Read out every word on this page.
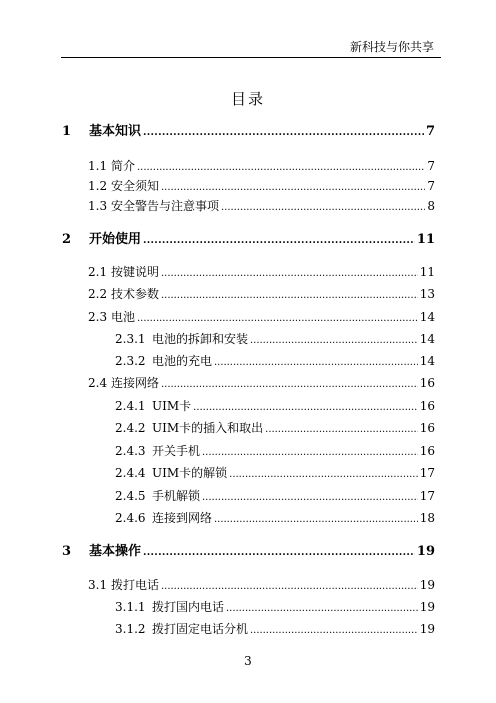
新科技与你共享
目录
1	基本知识 . . .	7
1.1 简介 . . .	7
1.2 安全须知 . . .	7
1.3 安全警告与注意事项 . . .	8
2	开始使用 . . .	11
2.1 按键说明 . . .	11
2.2 技术参数 . . .	13
2.3 电池 . . .	14
2.3.1 电池的拆卸和安装 . . .	14
2.3.2 电池的充电 . . .	14
2.4 连接网络 . . .	16
2.4.1 UIM卡 . . .	16
2.4.2 UIM卡的插入和取出 . . .	16
2.4.3 开关手机 . . .	16
2.4.4 UIM卡的解锁 . . .	17
2.4.5 手机解锁 . . .	17
2.4.6 连接到网络 . . .	18
3	基本操作 . . .	19
3.1 拨打电话 . . .	19
3.1.1 拨打国内电话 . . .	19
3.1.2 拨打固定电话分机 . . .	19
3
